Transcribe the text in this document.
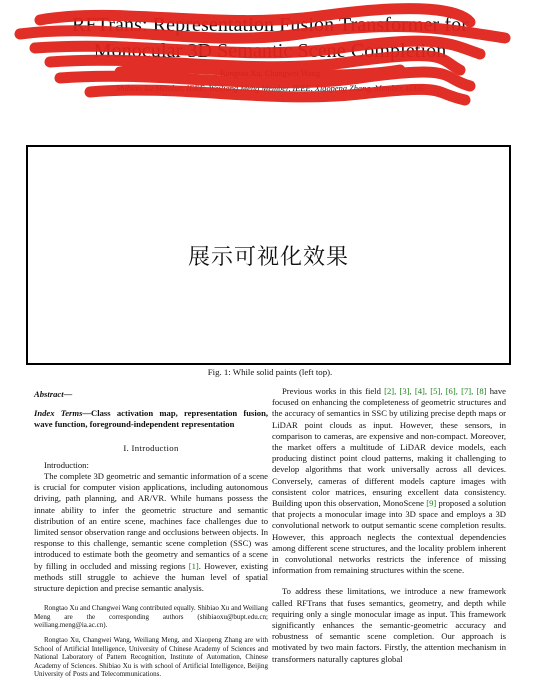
RFTrans: Representation Fusion Transformer for
Monocular 3D Semantic Scene Completion
Rongtao Xu, Changwei Wang
Shibiao Xu Member, IEEE, Weiliang Meng Member, IEEE, Xiaopeng Zhang, Member, IEEE
展示可视化效果
Fig. 1: While solid paints (left top).

Abstract—

Index Terms—Class activation map, representation fusion, wave function, foreground-independent representation

I. Introduction

Introduction:

The complete 3D geometric and semantic information of a scene is crucial for computer vision applications, including autonomous driving, path planning, and AR/VR. While humans possess the innate ability to infer the geometric structure and semantic distribution of an entire scene, machines face challenges due to limited sensor observation range and occlusions between objects. In response to this challenge, semantic scene completion (SSC) was introduced to estimate both the geometry and semantics of a scene by filling in occluded and missing regions [1]. However, existing methods still struggle to achieve the human level of spatial structure depiction and precise semantic analysis.

Rongtao Xu and Changwei Wang contributed equally. Shibiao Xu and Weiliang Meng are the corresponding authors (shibiaoxu@bupt.edu.cn; weiliang.meng@ia.ac.cn).

Rongtao Xu, Changwei Wang, Weiliang Meng, and Xiaopeng Zhang are with School of Artificial Intelligence, University of Chinese Academy of Sciences and National Laboratory of Pattern Recognition, Institute of Automation, Chinese Academy of Sciences. Shibiao Xu is with school of Artificial Intelligence, Beijing University of Posts and Telecommunications.

Previous works in this field [2], [3], [4], [5], [6], [7], [8] have focused on enhancing the completeness of geometric structures and the accuracy of semantics in SSC by utilizing precise depth maps or LiDAR point clouds as input. However, these sensors, in comparison to cameras, are expensive and non-compact. Moreover, the market offers a multitude of LiDAR device models, each producing distinct point cloud patterns, making it challenging to develop algorithms that work universally across all devices. Conversely, cameras of different models capture images with consistent color matrices, ensuring excellent data consistency. Building upon this observation, MonoScene [9] proposed a solution that projects a monocular image into 3D space and employs a 3D convolutional network to output semantic scene completion results. However, this approach neglects the contextual dependencies among different scene structures, and the locality problem inherent in convolutional networks restricts the inference of missing information from remaining structures within the scene.

To address these limitations, we introduce a new framework called RFTrans that fuses semantics, geometry, and depth while requiring only a single monocular image as input. This framework significantly enhances the semantic-geometric accuracy and robustness of semantic scene completion. Our approach is motivated by two main factors. Firstly, the attention mechanism in transformers naturally captures global
